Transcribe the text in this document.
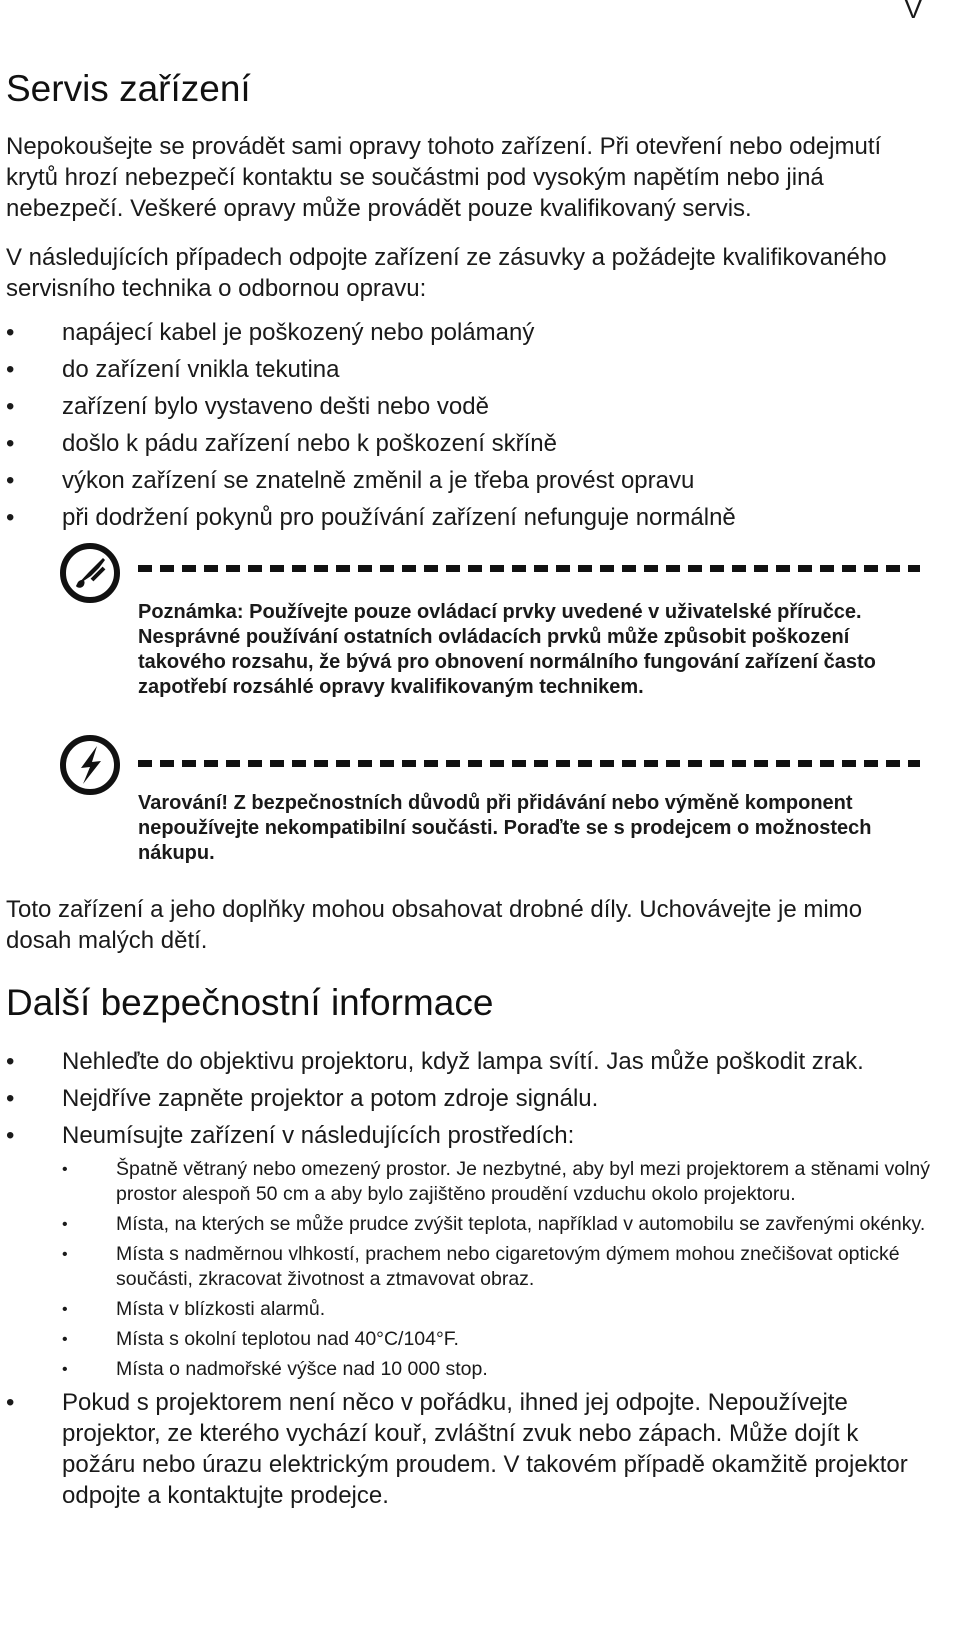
V
Servis zařízení

Nepokoušejte se provádět sami opravy tohoto zařízení. Při otevření nebo odejmutí krytů hrozí nebezpečí kontaktu se součástmi pod vysokým napětím nebo jiná nebezpečí. Veškeré opravy může provádět pouze kvalifikovaný servis.

V následujících případech odpojte zařízení ze zásuvky a požádejte kvalifikovaného servisního technika o odbornou opravu:

• napájecí kabel je poškozený nebo polámaný
• do zařízení vnikla tekutina
• zařízení bylo vystaveno dešti nebo vodě
• došlo k pádu zařízení nebo k poškození skříně
• výkon zařízení se znatelně změnil a je třeba provést opravu
• při dodržení pokynů pro používání zařízení nefunguje normálně

Poznámka: Používejte pouze ovládací prvky uvedené v uživatelské příručce. Nesprávné používání ostatních ovládacích prvků může způsobit poškození takového rozsahu, že bývá pro obnovení normálního fungování zařízení často zapotřebí rozsáhlé opravy kvalifikovaným technikem.

Varování! Z bezpečnostních důvodů při přidávání nebo výměně komponent nepoužívejte nekompatibilní součásti. Poraďte se s prodejcem o možnostech nákupu.

Toto zařízení a jeho doplňky mohou obsahovat drobné díly. Uchovávejte je mimo dosah malých dětí.

Další bezpečnostní informace
• Nehleďte do objektivu projektoru, když lampa svítí. Jas může poškodit zrak.
• Nejdříve zapněte projektor a potom zdroje signálu.
• Neumísujte zařízení v následujících prostředích:
• Špatně větraný nebo omezený prostor. Je nezbytné, aby byl mezi projektorem a stěnami volný prostor alespoň 50 cm a aby bylo zajištěno proudění vzduchu okolo projektoru.
• Místa, na kterých se může prudce zvýšit teplota, například v automobilu se zavřenými okénky.
• Místa s nadměrnou vlhkostí, prachem nebo cigaretovým dýmem mohou znečišovat optické součásti, zkracovat životnost a ztmavovat obraz.
• Místa v blízkosti alarmů.
• Místa s okolní teplotou nad 40°C/104°F.
• Místa o nadmořské výšce nad 10 000 stop.
• Pokud s projektorem není něco v pořádku, ihned jej odpojte. Nepoužívejte projektor, ze kterého vychází kouř, zvláštní zvuk nebo zápach. Může dojít k požáru nebo úrazu elektrickým proudem. V takovém případě okamžitě projektor odpojte a kontaktujte prodejce.
